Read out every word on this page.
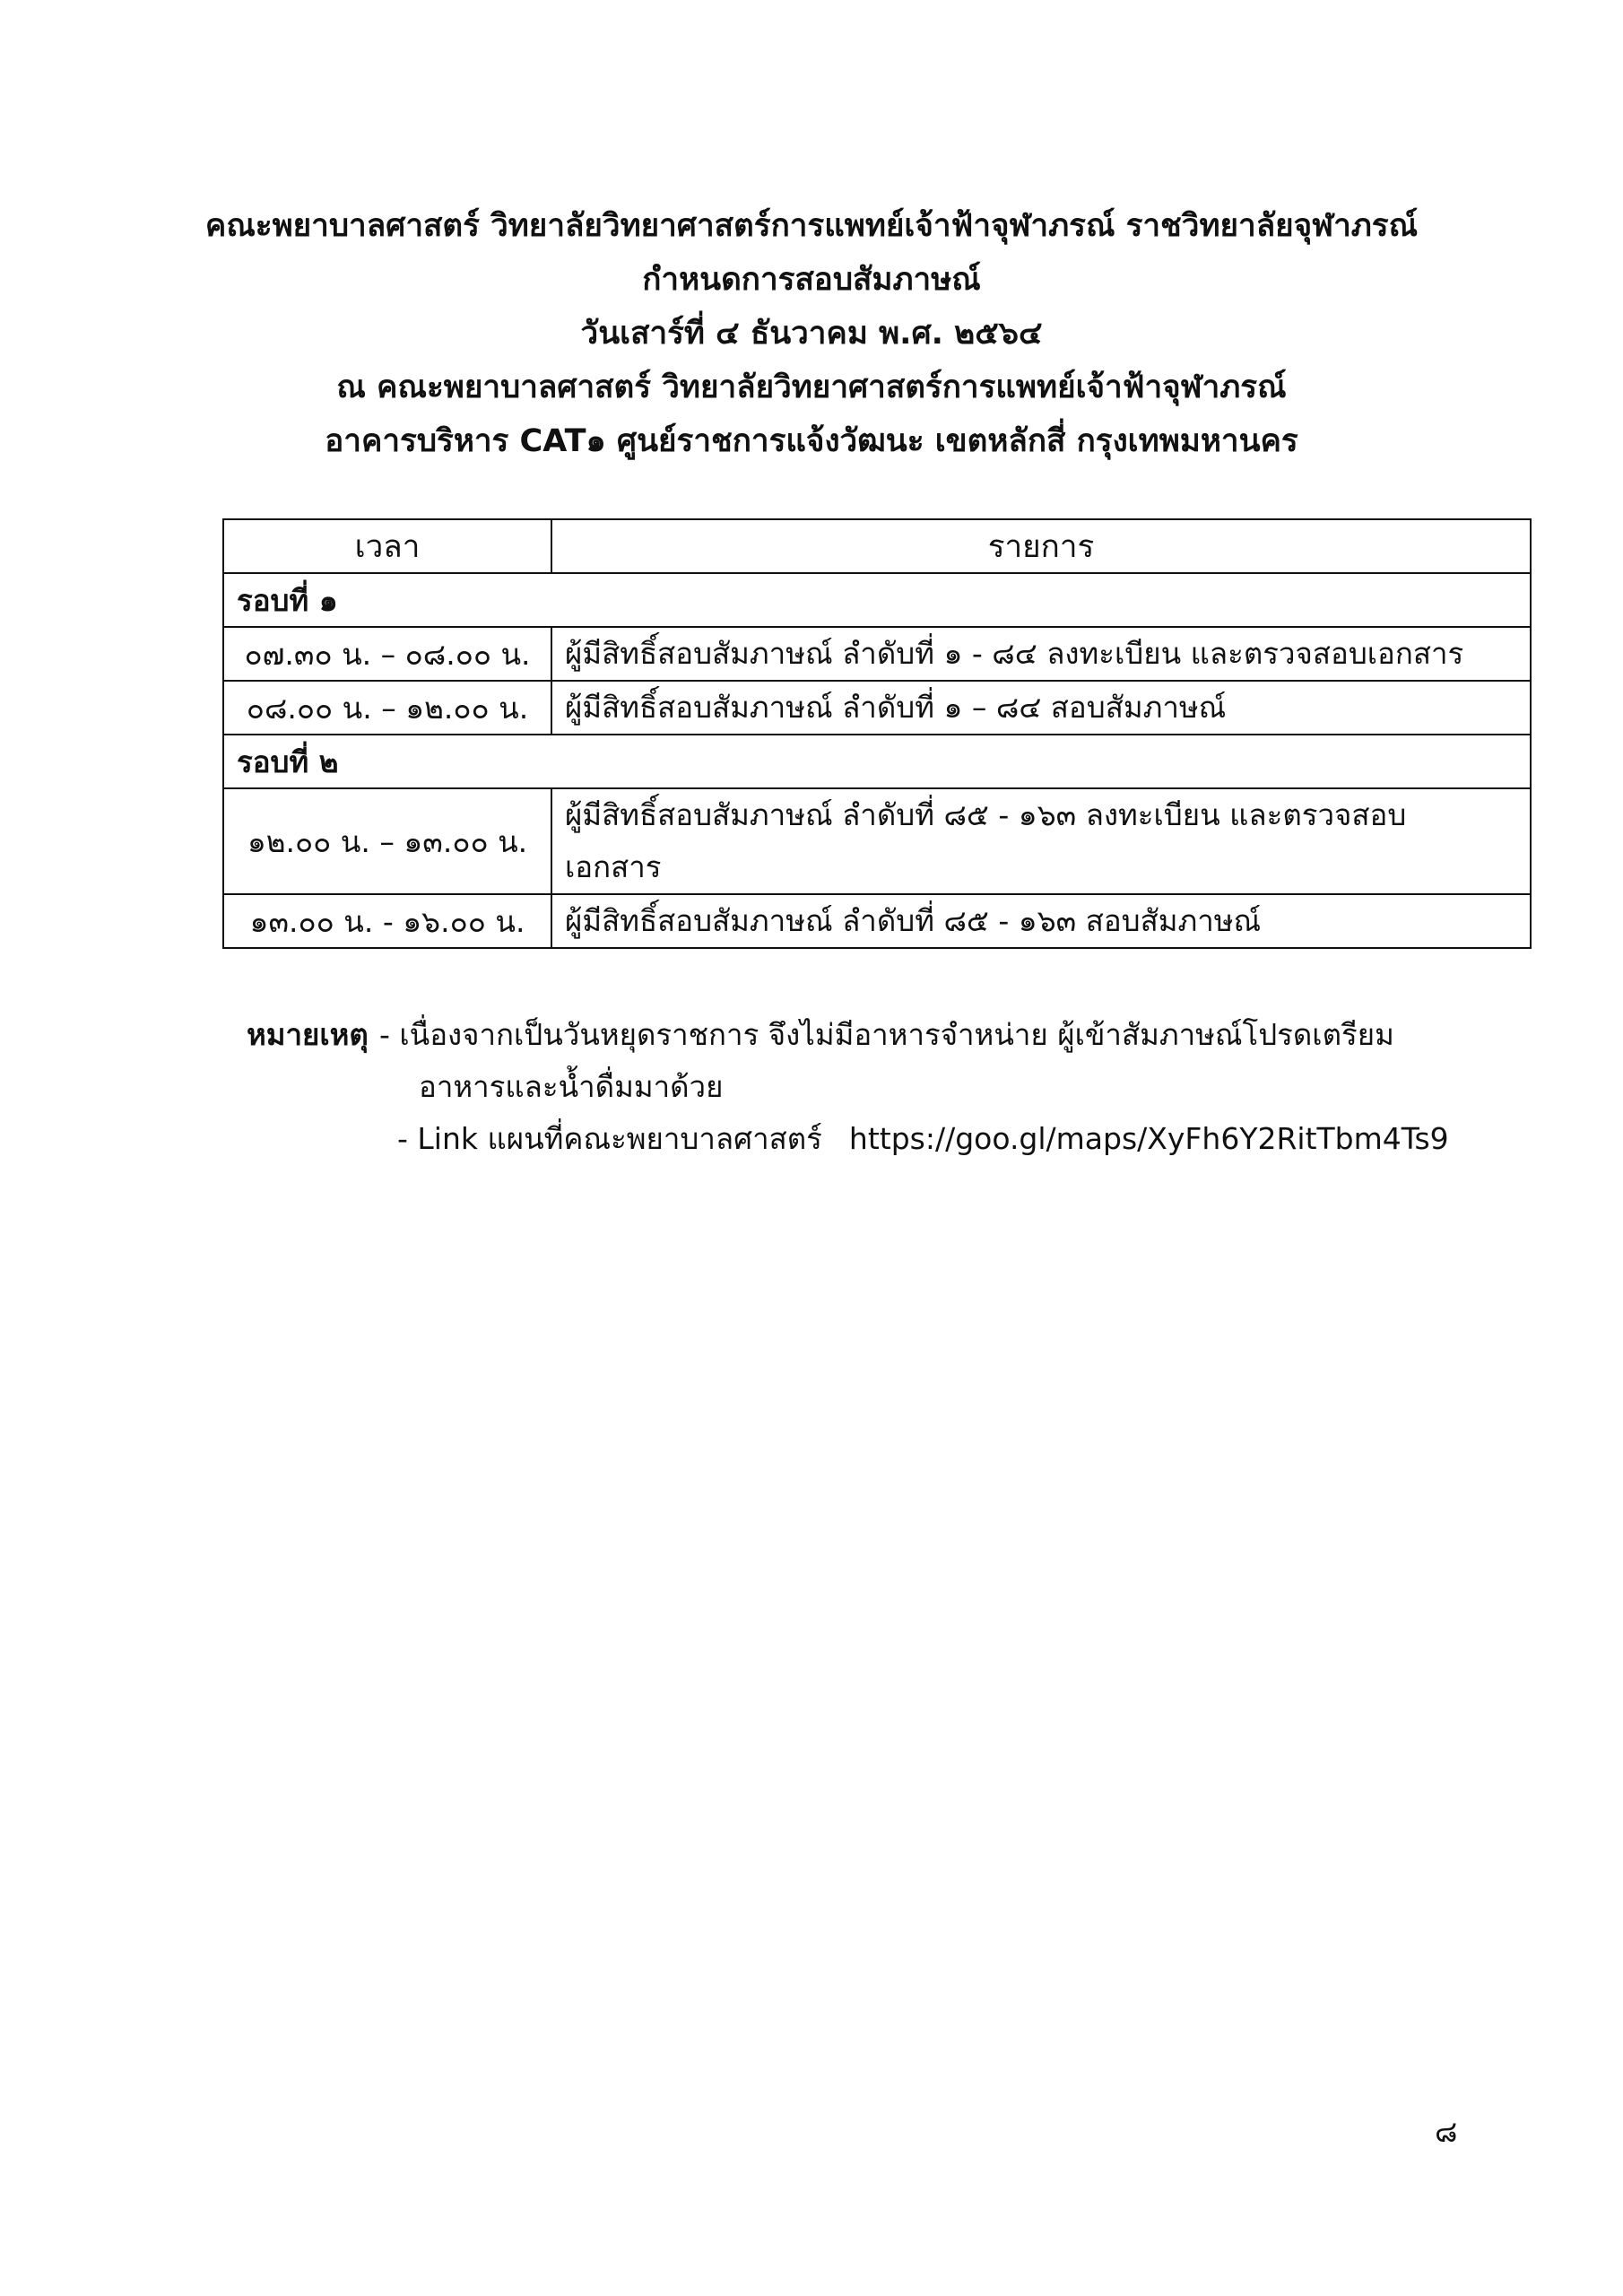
คณะพยาบาลศาสตร์ วิทยาลัยวิทยาศาสตร์การแพทย์เจ้าฟ้าจุฬาภรณ์ ราชวิทยาลัยจุฬาภรณ์
กำหนดการสอบสัมภาษณ์
วันเสาร์ที่ ๔ ธันวาคม พ.ศ. ๒๕๖๔
ณ คณะพยาบาลศาสตร์ วิทยาลัยวิทยาศาสตร์การแพทย์เจ้าฟ้าจุฬาภรณ์
อาคารบริหาร CAT๑ ศูนย์ราชการแจ้งวัฒนะ เขตหลักสี่ กรุงเทพมหานคร
เวลา	รายการ
รอบที่ ๑	
๐๗.๓๐ น. – ๐๘.๐๐ น.	ผู้มีสิทธิ์สอบสัมภาษณ์ ลำดับที่ ๑ - ๘๔ ลงทะเบียน และตรวจสอบเอกสาร
๐๘.๐๐ น. – ๑๒.๐๐ น.	ผู้มีสิทธิ์สอบสัมภาษณ์ ลำดับที่ ๑ – ๘๔ สอบสัมภาษณ์
รอบที่ ๒	
๑๒.๐๐ น. – ๑๓.๐๐ น.	ผู้มีสิทธิ์สอบสัมภาษณ์ ลำดับที่ ๘๕ - ๑๖๓ ลงทะเบียน และตรวจสอบ
เอกสาร

๑๓.๐๐ น. - ๑๖.๐๐ น.	ผู้มีสิทธิ์สอบสัมภาษณ์ ลำดับที่ ๘๕ - ๑๖๓ สอบสัมภาษณ์
หมายเหตุ - เนื่องจากเป็นวันหยุดราชการ จึงไม่มีอาหารจำหน่าย ผู้เข้าสัมภาษณ์โปรดเตรียม
อาหารและน้ำดื่มมาด้วย
- Link แผนที่คณะพยาบาลศาสตร์ https://goo.gl/maps/XyFh6Y2RitTbm4Ts9
๘
